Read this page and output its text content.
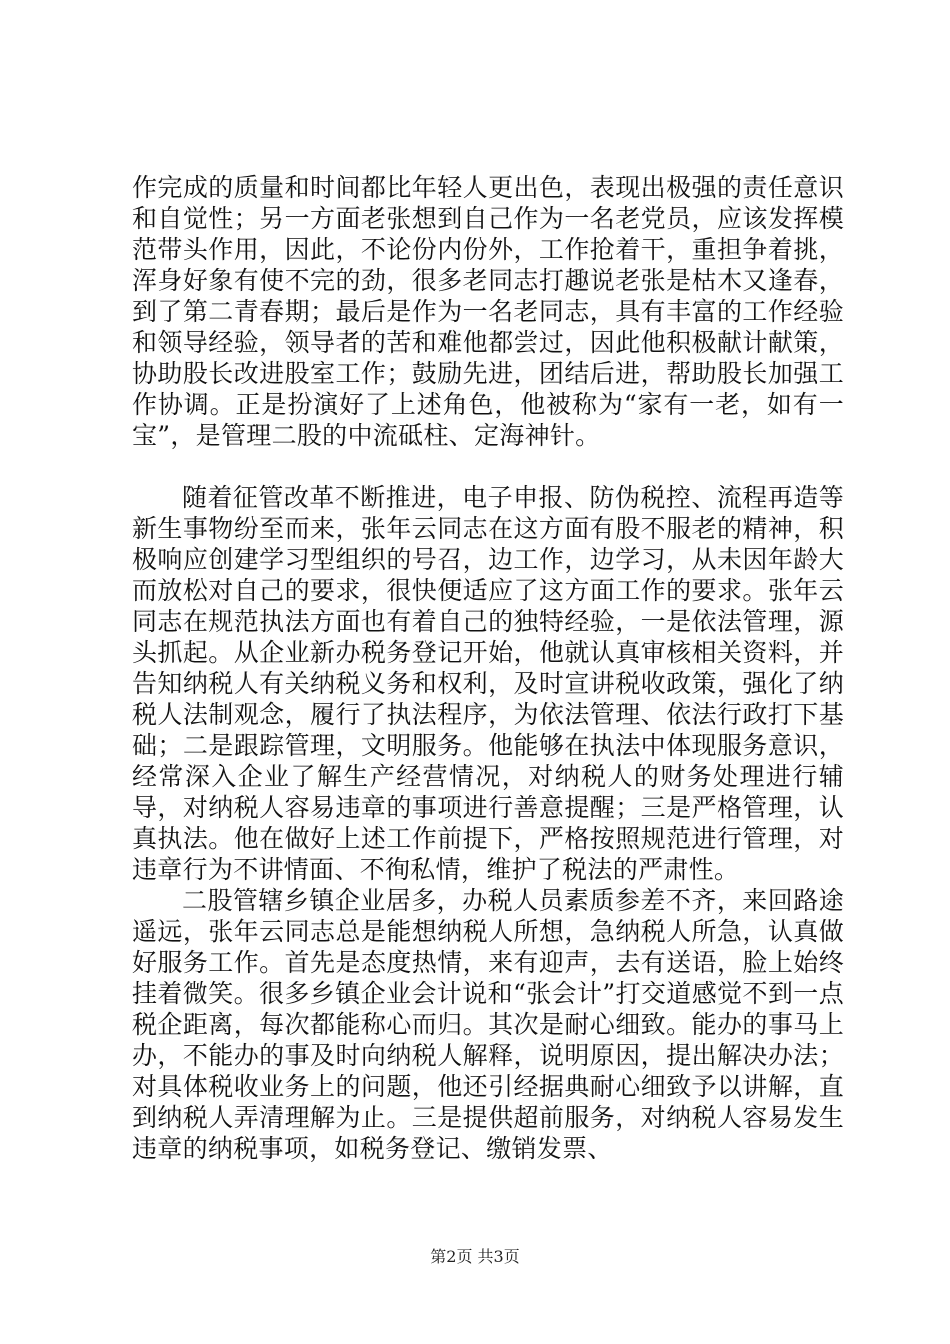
作完成的质量和时间都比年轻人更出色，表现出极强的责任意识和自觉性；另一方面老张想到自己作为一名老党员，应该发挥模范带头作用，因此，不论份内份外，工作抢着干，重担争着挑，浑身好象有使不完的劲，很多老同志打趣说老张是枯木又逢春，到了第二青春期；最后是作为一名老同志，具有丰富的工作经验和领导经验，领导者的苦和难他都尝过，因此他积极献计献策，协助股长改进股室工作；鼓励先进，团结后进，帮助股长加强工作协调。正是扮演好了上述角色，他被称为“家有一老，如有一宝”，是管理二股的中流砥柱、定海神针。

随着征管改革不断推进，电子申报、防伪税控、流程再造等新生事物纷至而来，张年云同志在这方面有股不服老的精神，积极响应创建学习型组织的号召，边工作，边学习，从未因年龄大而放松对自己的要求，很快便适应了这方面工作的要求。张年云同志在规范执法方面也有着自己的独特经验，一是依法管理，源头抓起。从企业新办税务登记开始，他就认真审核相关资料，并告知纳税人有关纳税义务和权利，及时宣讲税收政策，强化了纳税人法制观念，履行了执法程序，为依法管理、依法行政打下基础；二是跟踪管理，文明服务。他能够在执法中体现服务意识，经常深入企业了解生产经营情况，对纳税人的财务处理进行辅导，对纳税人容易违章的事项进行善意提醒；三是严格管理，认真执法。他在做好上述工作前提下，严格按照规范进行管理，对违章行为不讲情面、不徇私情，维护了税法的严肃性。

二股管辖乡镇企业居多，办税人员素质参差不齐，来回路途遥远，张年云同志总是能想纳税人所想，急纳税人所急，认真做好服务工作。首先是态度热情，来有迎声，去有送语，脸上始终挂着微笑。很多乡镇企业会计说和“张会计”打交道感觉不到一点税企距离，每次都能称心而归。其次是耐心细致。能办的事马上办，不能办的事及时向纳税人解释，说明原因，提出解决办法；对具体税收业务上的问题，他还引经据典耐心细致予以讲解，直到纳税人弄清理解为止。三是提供超前服务，对纳税人容易发生违章的纳税事项，如税务登记、缴销发票、

第2页 共3页
